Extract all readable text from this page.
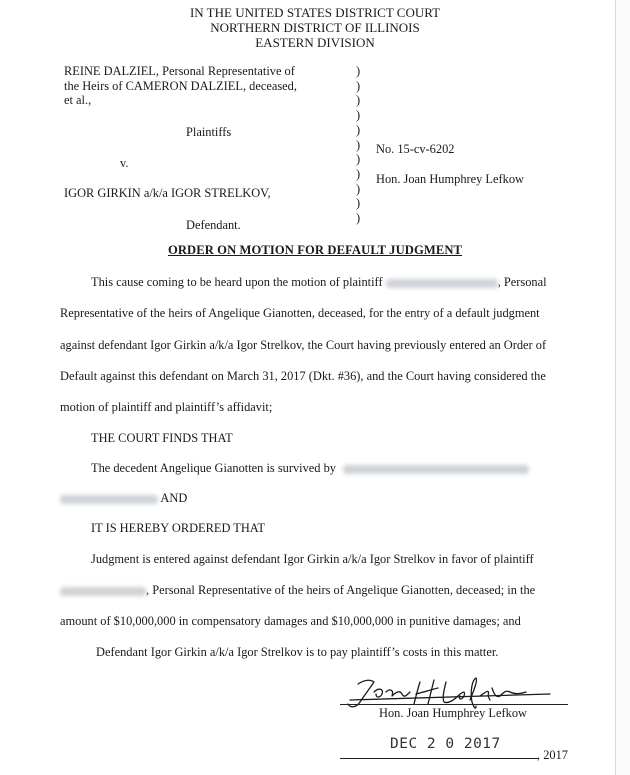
IN THE UNITED STATES DISTRICT COURT
NORTHERN DISTRICT OF ILLINOIS
EASTERN DIVISION
REINE DALZIEL, Personal Representative of
the Heirs of CAMERON DALZIEL, deceased,
et al.,
Plaintiffs
v.
IGOR GIRKIN a/k/a IGOR STRELKOV,
Defendant.
)
)
)
)
)
)
)
)
)
)
)
No. 15-cv-6202
Hon. Joan Humphrey Lefkow
ORDER ON MOTION FOR DEFAULT JUDGMENT
This cause coming to be heard upon the motion of plaintiff	, Personal
Representative of the heirs of Angelique Gianotten, deceased, for the entry of a default judgment
against defendant Igor Girkin a/k/a Igor Strelkov, the Court having previously entered an Order of
Default against this defendant on March 31, 2017 (Dkt. #36), and the Court having considered the
motion of plaintiff and plaintiff’s affidavit;
THE COURT FINDS THAT
The decedent Angelique Gianotten is survived by
AND
IT IS HEREBY ORDERED THAT
Judgment is entered against defendant Igor Girkin a/k/a Igor Strelkov in favor of plaintiff
, Personal Representative of the heirs of Angelique Gianotten, deceased; in the
amount of $10,000,000 in compensatory damages and $10,000,000 in punitive damages; and
Defendant Igor Girkin a/k/a Igor Strelkov is to pay plaintiff’s costs in this matter.
Hon. Joan Humphrey Lefkow
DEC 2 0 2017
, 2017
